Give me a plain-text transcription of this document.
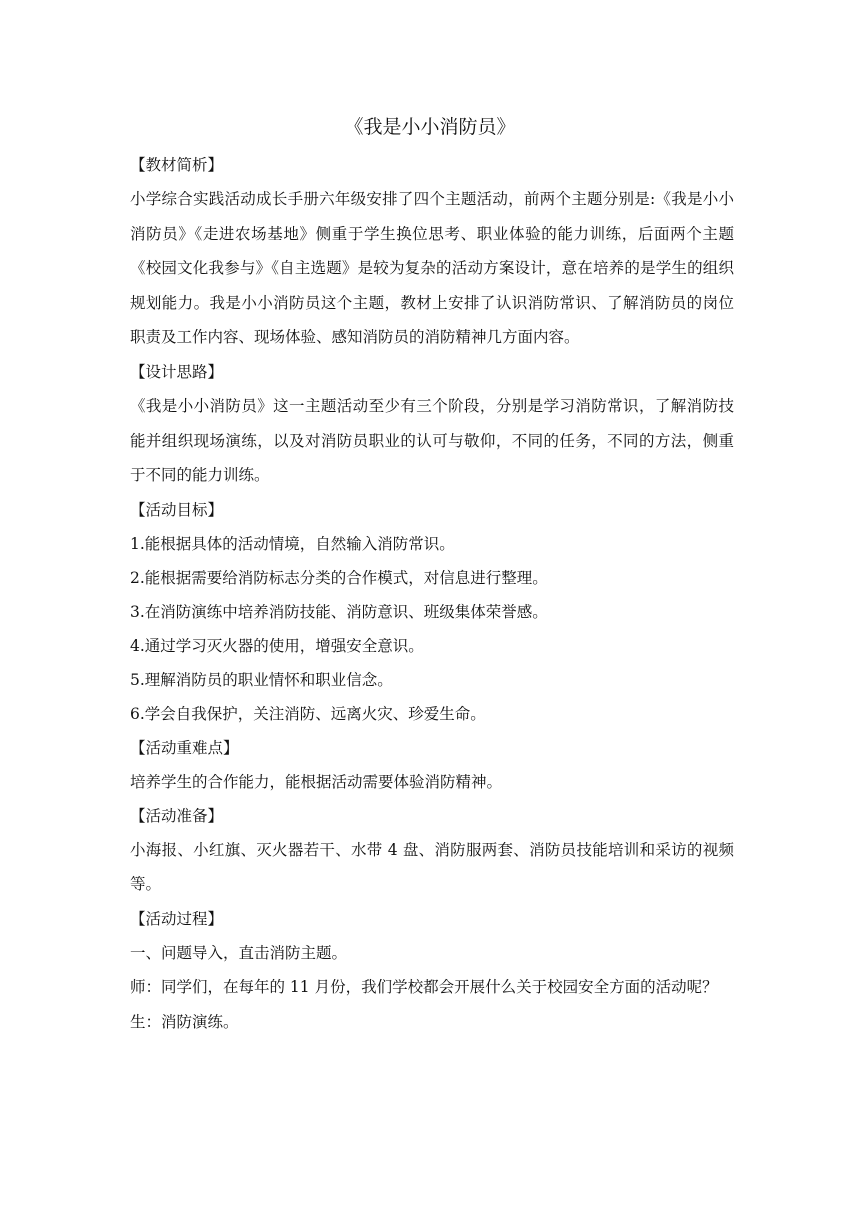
《我是小小消防员》
【教材简析】
小学综合实践活动成长手册六年级安排了四个主题活动，前两个主题分别是:《我是小小消防员》《走进农场基地》侧重于学生换位思考、职业体验的能力训练，后面两个主题《校园文化我参与》《自主选题》是较为复杂的活动方案设计，意在培养的是学生的组织规划能力。我是小小消防员这个主题，教材上安排了认识消防常识、了解消防员的岗位职责及工作内容、现场体验、感知消防员的消防精神几方面内容。
【设计思路】
《我是小小消防员》这一主题活动至少有三个阶段，分别是学习消防常识，了解消防技能并组织现场演练，以及对消防员职业的认可与敬仰，不同的任务，不同的方法，侧重于不同的能力训练。
【活动目标】
1.能根据具体的活动情境，自然输入消防常识。
2.能根据需要给消防标志分类的合作模式，对信息进行整理。
3.在消防演练中培养消防技能、消防意识、班级集体荣誉感。
4.通过学习灭火器的使用，增强安全意识。
5.理解消防员的职业情怀和职业信念。
6.学会自我保护，关注消防、远离火灾、珍爱生命。
【活动重难点】
培养学生的合作能力，能根据活动需要体验消防精神。
【活动准备】
小海报、小红旗、灭火器若干、水带 4 盘、消防服两套、消防员技能培训和采访的视频等。
【活动过程】
一、问题导入，直击消防主题。
师：同学们，在每年的 11 月份，我们学校都会开展什么关于校园安全方面的活动呢？
生：消防演练。
